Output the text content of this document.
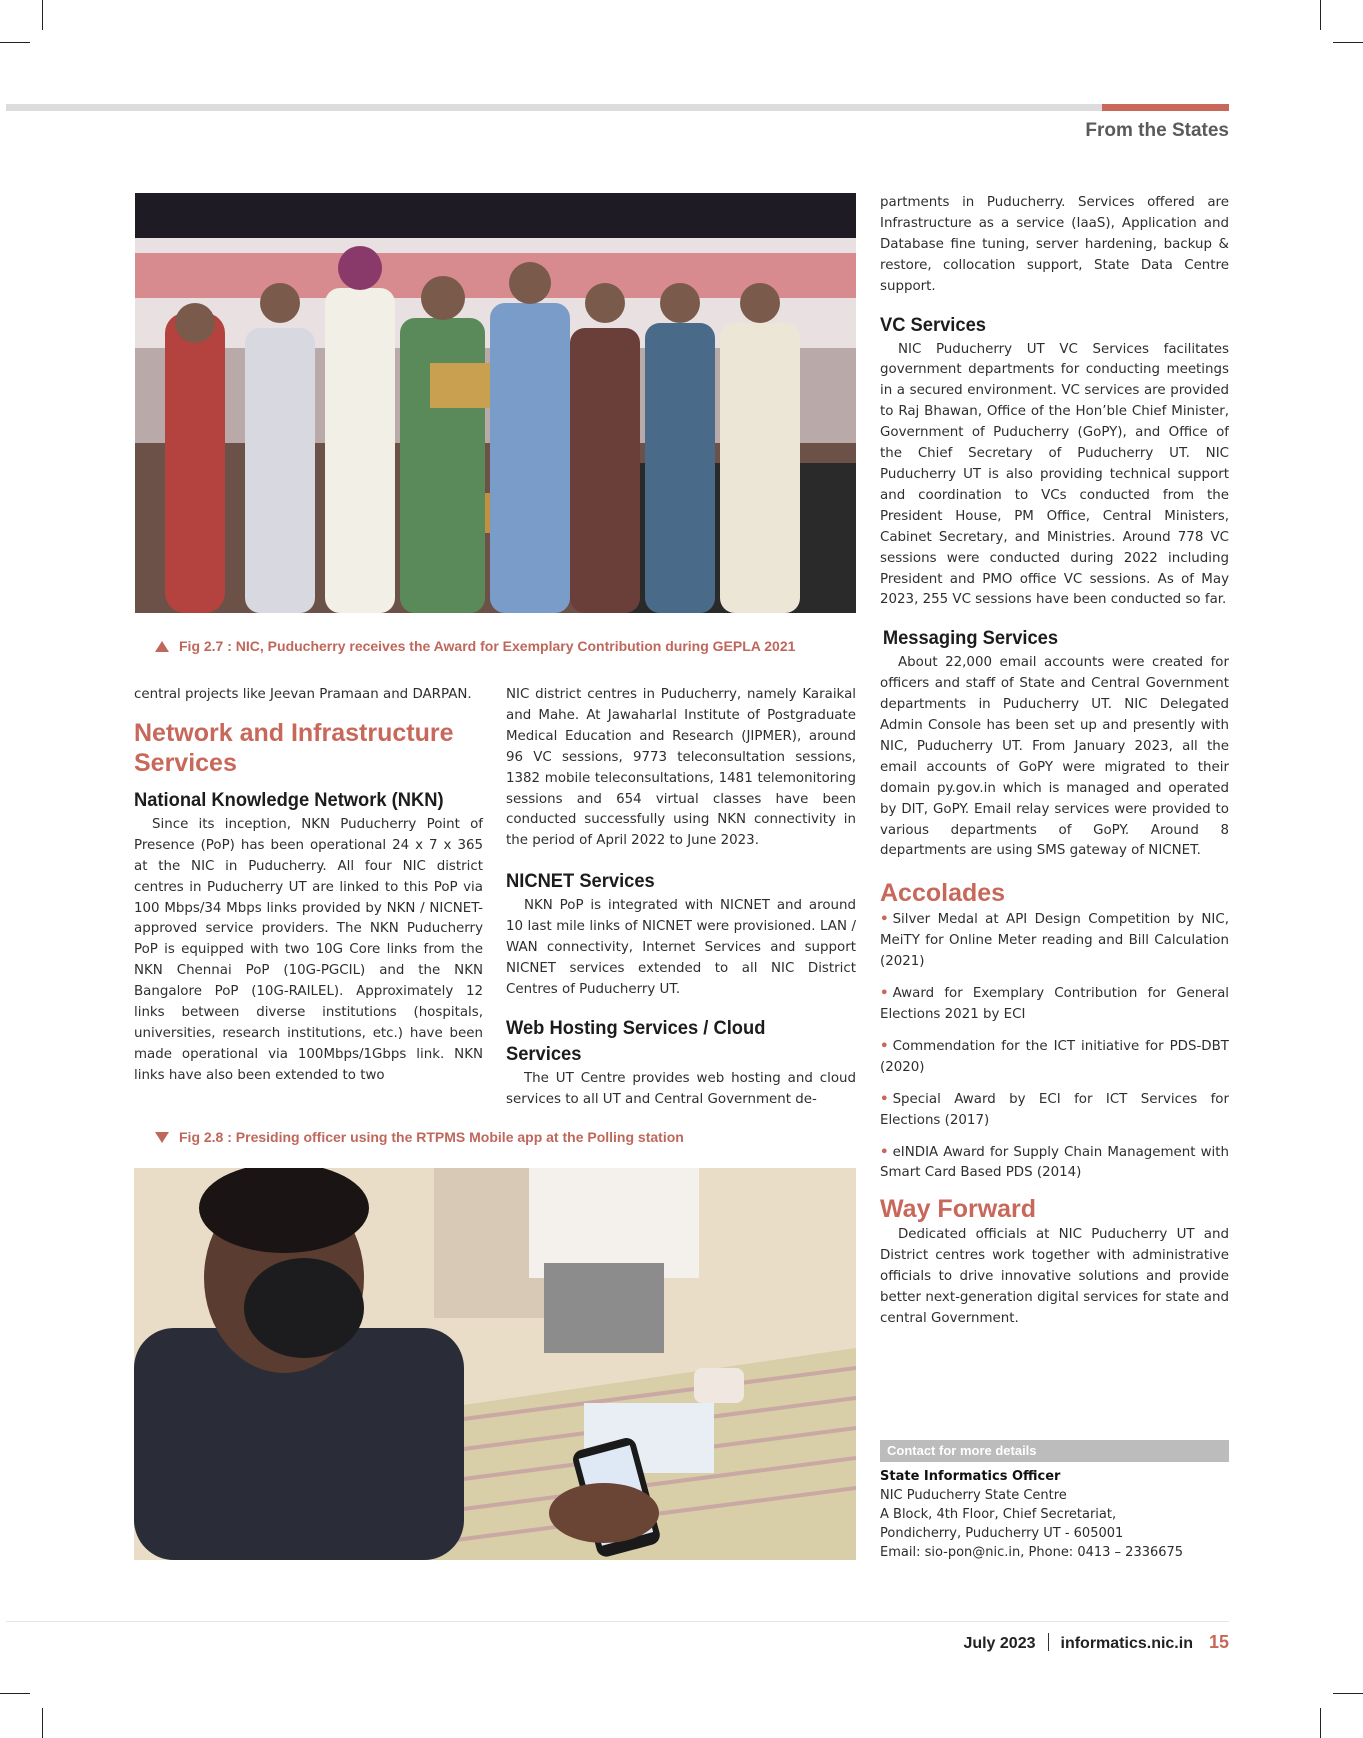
From the States
Fig 2.7 : NIC, Puducherry receives the Award for Exemplary Contribution during GEPLA 2021

central projects like Jeevan Pramaan and DARPAN.

Network and Infrastructure Services
National Knowledge Network (NKN)

Since its inception, NKN Puducherry Point of Presence (PoP) has been operational 24 x 7 x 365 at the NIC in Puducherry. All four NIC district centres in Puducherry UT are linked to this PoP via 100 Mbps/34 Mbps links provided by NKN / NICNET-approved service providers. The NKN Puducherry PoP is equipped with two 10G Core links from the NKN Chennai PoP (10G-PGCIL) and the NKN Bangalore PoP (10G-RAILEL). Approximately 12 links between diverse institutions (hospitals, universities, research institutions, etc.) have been made operational via 100Mbps/1Gbps link. NKN links have also been extended to two

NIC district centres in Puducherry, namely Karaikal and Mahe. At Jawaharlal Institute of Postgraduate Medical Education and Research (JIPMER), around 96 VC sessions, 9773 teleconsultation sessions, 1382 mobile teleconsultations, 1481 telemonitoring sessions and 654 virtual classes have been conducted successfully using NKN connectivity in the period of April 2022 to June 2023.

NICNET Services

NKN PoP is integrated with NICNET and around 10 last mile links of NICNET were provisioned. LAN / WAN connectivity, Internet Services and support NICNET services extended to all NIC District Centres of Puducherry UT.

Web Hosting Services / Cloud Services

The UT Centre provides web hosting and cloud services to all UT and Central Government de-

Fig 2.8 : Presiding officer using the RTPMS Mobile app at the Polling station

partments in Puducherry. Services offered are Infrastructure as a service (IaaS), Application and Database fine tuning, server hardening, backup & restore, collocation support, State Data Centre support.

VC Services

NIC Puducherry UT VC Services facilitates government departments for conducting meetings in a secured environment. VC services are provided to Raj Bhawan, Office of the Hon’ble Chief Minister, Government of Puducherry (GoPY), and Office of the Chief Secretary of Puducherry UT. NIC Puducherry UT is also providing technical support and coordination to VCs conducted from the President House, PM Office, Central Ministers, Cabinet Secretary, and Ministries. Around 778 VC sessions were conducted during 2022 including President and PMO office VC sessions. As of May 2023, 255 VC sessions have been conducted so far.

Messaging Services

About 22,000 email accounts were created for officers and staff of State and Central Government departments in Puducherry UT. NIC Delegated Admin Console has been set up and presently with NIC, Puducherry UT. From January 2023, all the email accounts of GoPY were migrated to their domain py.gov.in which is managed and operated by DIT, GoPY. Email relay services were provided to various departments of GoPY. Around 8 departments are using SMS gateway of NICNET.

Accolades

• Silver Medal at API Design Competition by NIC, MeiTY for Online Meter reading and Bill Calculation (2021)

• Award for Exemplary Contribution for General Elections 2021 by ECI

• Commendation for the ICT initiative for PDS-DBT (2020)

• Special Award by ECI for ICT Services for Elections (2017)

• eINDIA Award for Supply Chain Management with Smart Card Based PDS (2014)

Way Forward

Dedicated officials at NIC Puducherry UT and District centres work together with administrative officials to drive innovative solutions and provide better next-generation digital services for state and central Government.

Contact for more details
State Informatics Officer
NIC Puducherry State Centre
A Block, 4th Floor, Chief Secretariat,
Pondicherry, Puducherry UT - 605001
Email: sio-pon@nic.in, Phone: 0413 – 2336675
July 2023 informatics.nic.in 15
